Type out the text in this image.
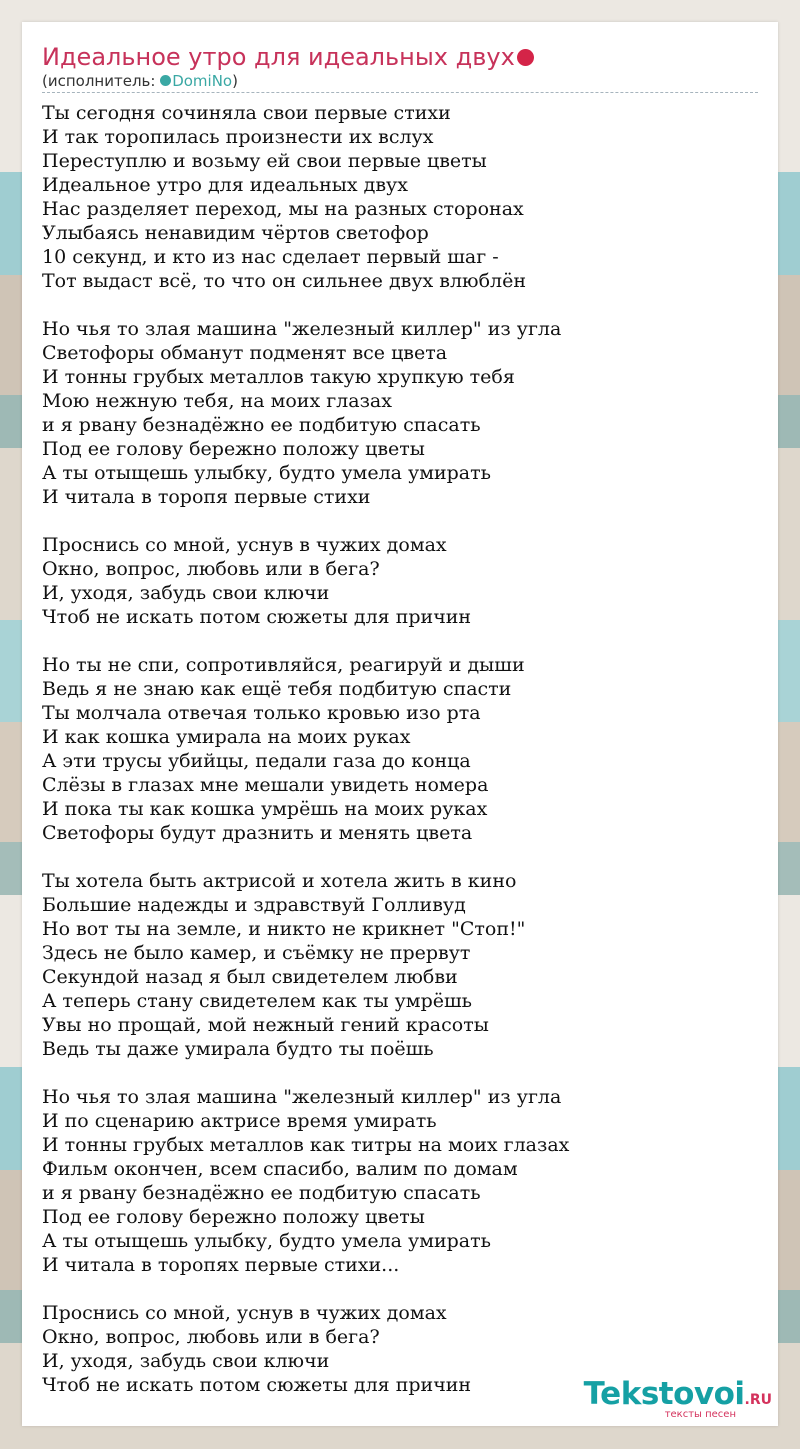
Идеальное утро для идеальных двух
(исполнитель: DomiNo)
Ты сегодня сочиняла свои первые стихи
И так торопилась произнести их вслух
Переступлю и возьму ей свои первые цветы
Идеальное утро для идеальных двух
Нас разделяет переход, мы на разных сторонах
Улыбаясь ненавидим чёртов светофор
10 секунд, и кто из нас сделает первый шаг -
Тот выдаст всё, то что он сильнее двух влюблён
Но чья то злая машина "железный киллер" из угла
Светофоры обманут подменят все цвета
И тонны грубых металлов такую хрупкую тебя
Мою нежную тебя, на моих глазах
и я рвану безнадёжно ее подбитую спасать
Под ее голову бережно положу цветы
А ты отыщешь улыбку, будто умела умирать
И читала в торопя первые стихи
Проснись со мной, уснув в чужих домах
Окно, вопрос, любовь или в бега?
И, уходя, забудь свои ключи
Чтоб не искать потом сюжеты для причин
Но ты не спи, сопротивляйся, реагируй и дыши
Ведь я не знаю как ещё тебя подбитую спасти
Ты молчала отвечая только кровью изо рта
И как кошка умирала на моих руках
А эти трусы убийцы, педали газа до конца
Слёзы в глазах мне мешали увидеть номера
И пока ты как кошка умрёшь на моих руках
Светофоры будут дразнить и менять цвета
Ты хотела быть актрисой и хотела жить в кино
Большие надежды и здравствуй Голливуд
Но вот ты на земле, и никто не крикнет "Стоп!"
Здесь не было камер, и съёмку не прервут
Секундой назад я был свидетелем любви
А теперь стану свидетелем как ты умрёшь
Увы но прощай, мой нежный гений красоты
Ведь ты даже умирала будто ты поёшь
Но чья то злая машина "железный киллер" из угла
И по сценарию актрисе время умирать
И тонны грубых металлов как титры на моих глазах
Фильм окончен, всем спасибо, валим по домам
и я рвану безнадёжно ее подбитую спасать
Под ее голову бережно положу цветы
А ты отыщешь улыбку, будто умела умирать
И читала в торопях первые стихи...
Проснись со мной, уснув в чужих домах
Окно, вопрос, любовь или в бега?
И, уходя, забудь свои ключи
Чтоб не искать потом сюжеты для причин	Tekstovoi.RU
тексты песен
